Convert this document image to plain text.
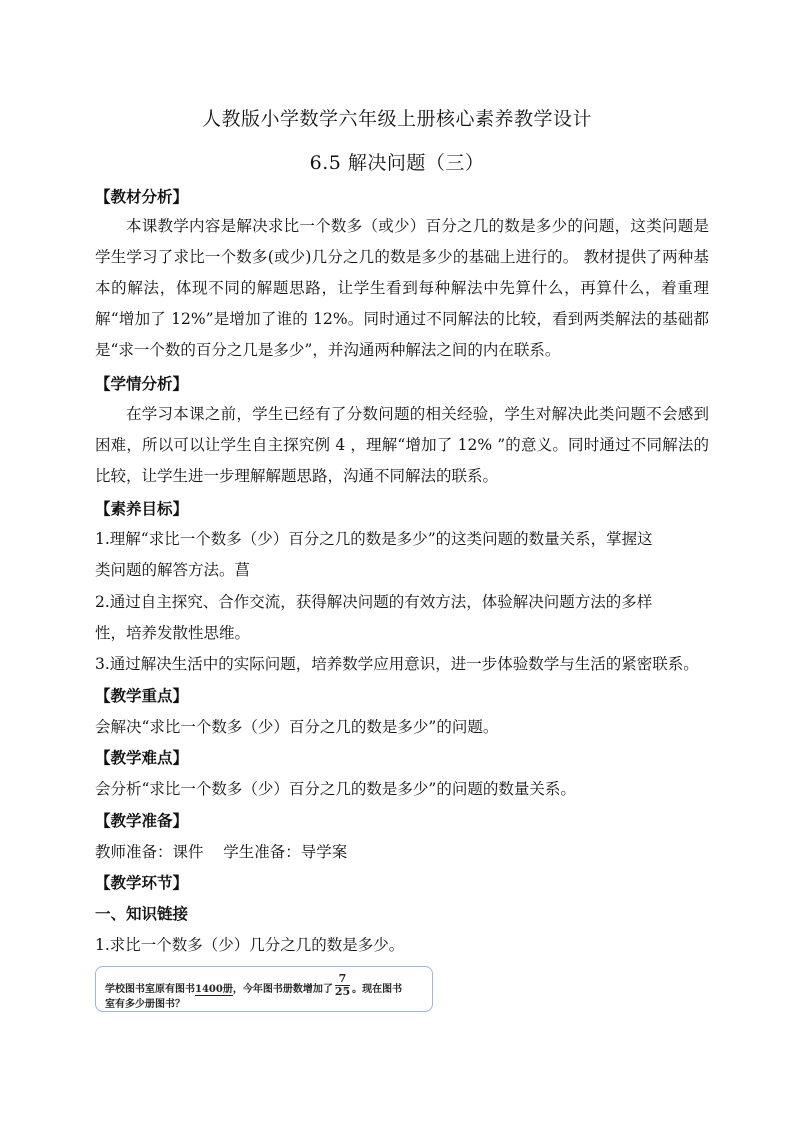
人教版小学数学六年级上册核心素养教学设计
6.5 解决问题（三）
【教材分析】
本课教学内容是解决求比一个数多（或少）百分之几的数是多少的问题，这类问题是学生学习了求比一个数多(或少)几分之几的数是多少的基础上进行的。 教材提供了两种基本的解法，体现不同的解题思路，让学生看到每种解法中先算什么，再算什么，着重理解“增加了 12%”是增加了谁的 12%。同时通过不同解法的比较，看到两类解法的基础都是“求一个数的百分之几是多少”，并沟通两种解法之间的内在联系。
【学情分析】
在学习本课之前，学生已经有了分数问题的相关经验，学生对解决此类问题不会感到困难，所以可以让学生自主探究例 4 ，理解“增加了 12% ”的意义。同时通过不同解法的比较，让学生进一步理解解题思路，沟通不同解法的联系。
【素养目标】
1.理解“求比一个数多（少）百分之几的数是多少”的这类问题的数量关系，掌握这
类问题的解答方法。菖
2.通过自主探究、合作交流，获得解决问题的有效方法，体验解决问题方法的多样
性，培养发散性思维。
3.通过解决生活中的实际问题，培养数学应用意识，进一步体验数学与生活的紧密联系。
【教学重点】
会解决“求比一个数多（少）百分之几的数是多少”的问题。
【教学难点】
会分析“求比一个数多（少）百分之几的数是多少”的问题的数量关系。
【教学准备】
教师准备：课件    学生准备：导学案
【教学环节】
一、知识链接
1.求比一个数多（少）几分之几的数是多少。
学校图书室原有图书1400册，今年图书册数增加了 $\frac{7}{25}$ 。现在图书
室有多少册图书？
